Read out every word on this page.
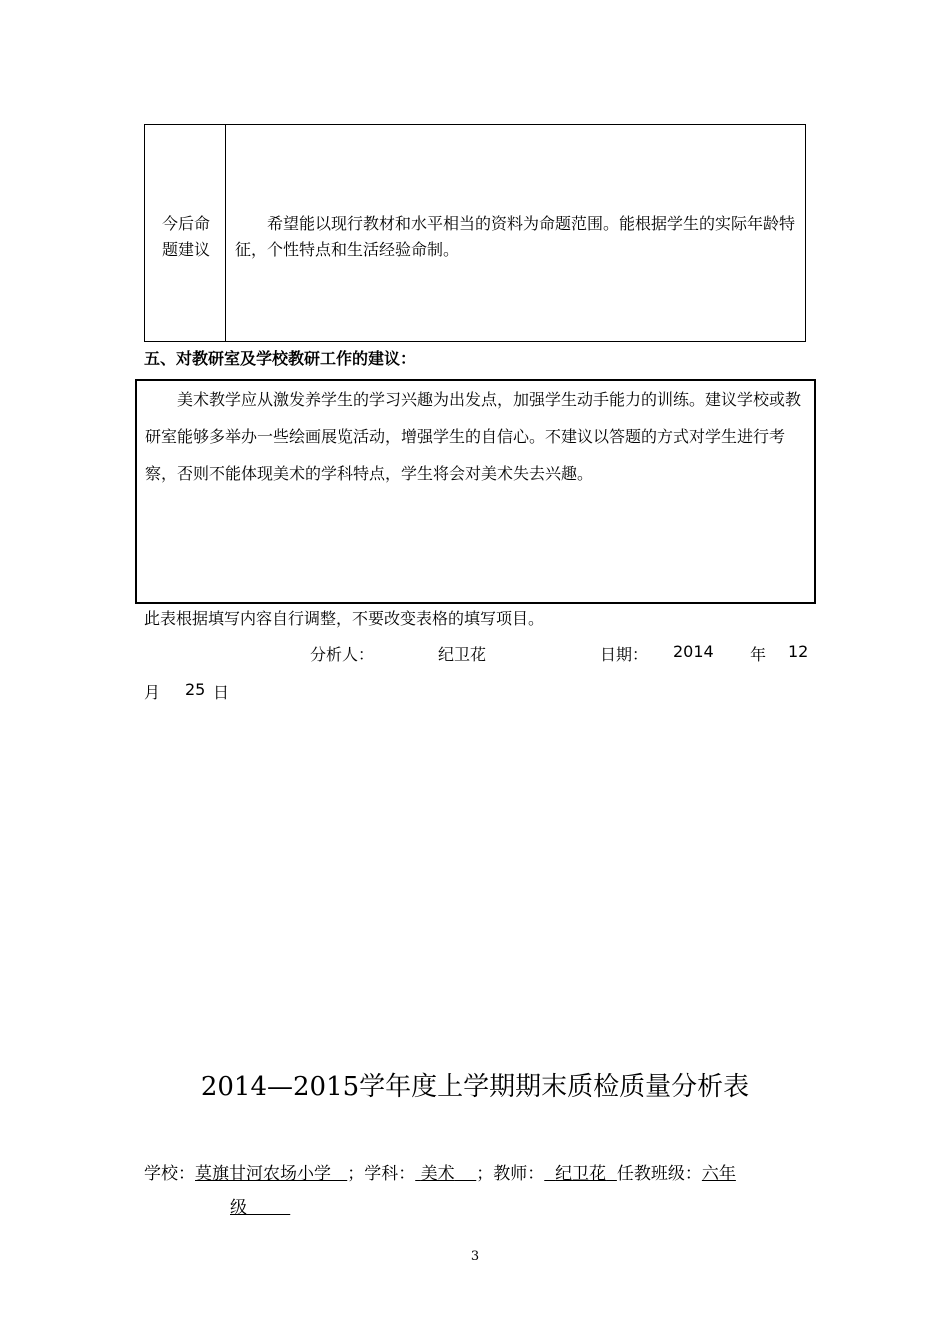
今后命
题建议
希望能以现行教材和水平相当的资料为命题范围。能根据学生的实际年龄特征，个性特点和生活经验命制。
五、对教研室及学校教研工作的建议：
美术教学应从激发养学生的学习兴趣为出发点，加强学生动手能力的训练。建议学校或教研室能够多举办一些绘画展览活动，增强学生的自信心。不建议以答题的方式对学生进行考察，否则不能体现美术的学科特点，学生将会对美术失去兴趣。
此表根据填写内容自行调整，不要改变表格的填写项目。
分析人：	纪卫花	日期： 2014 年 12
月 25 日
2014—2015学年度上学期期末质检质量分析表
学校：莫旗甘河农场小学 ；学科： 美术 ；教师： 纪卫花 任教班级：六年
级
3
